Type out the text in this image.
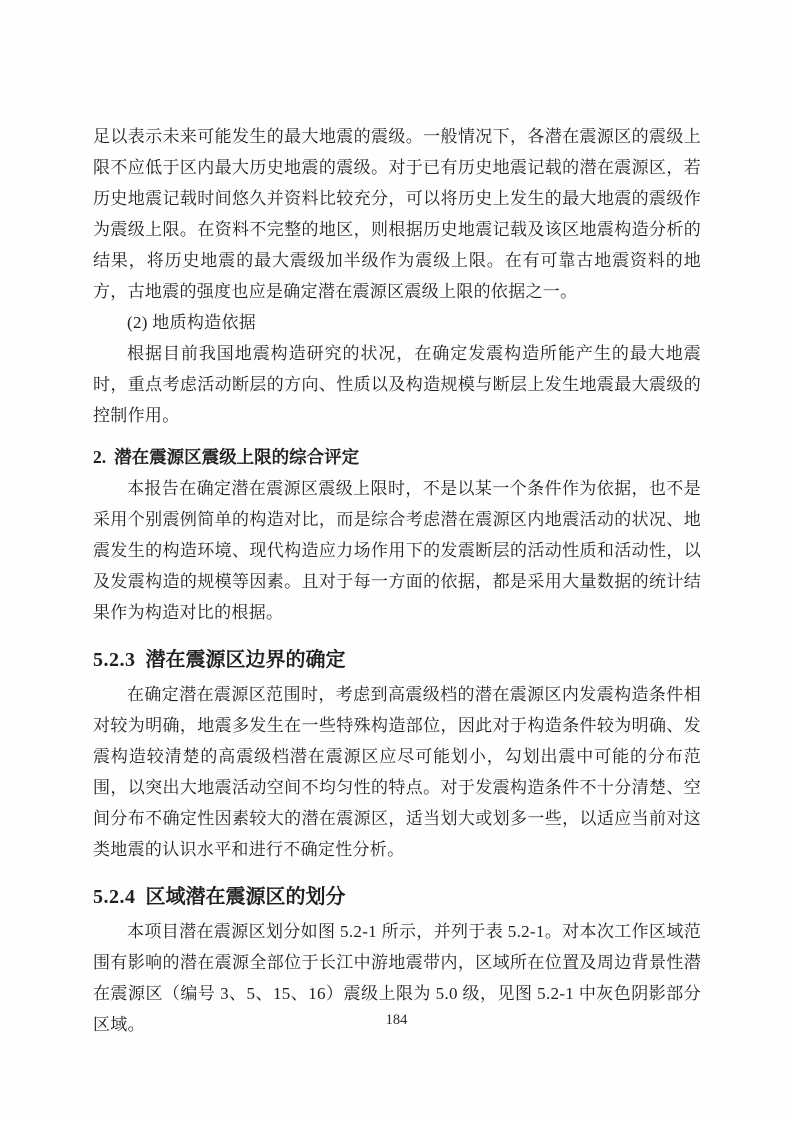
足以表示未来可能发生的最大地震的震级。一般情况下，各潜在震源区的震级上限不应低于区内最大历史地震的震级。对于已有历史地震记载的潜在震源区，若历史地震记载时间悠久并资料比较充分，可以将历史上发生的最大地震的震级作为震级上限。在资料不完整的地区，则根据历史地震记载及该区地震构造分析的结果，将历史地震的最大震级加半级作为震级上限。在有可靠古地震资料的地方，古地震的强度也应是确定潜在震源区震级上限的依据之一。

(2) 地质构造依据

根据目前我国地震构造研究的状况，在确定发震构造所能产生的最大地震时，重点考虑活动断层的方向、性质以及构造规模与断层上发生地震最大震级的控制作用。

2. 潜在震源区震级上限的综合评定

本报告在确定潜在震源区震级上限时，不是以某一个条件作为依据，也不是采用个别震例简单的构造对比，而是综合考虑潜在震源区内地震活动的状况、地震发生的构造环境、现代构造应力场作用下的发震断层的活动性质和活动性，以及发震构造的规模等因素。且对于每一方面的依据，都是采用大量数据的统计结果作为构造对比的根据。

5.2.3 潜在震源区边界的确定

在确定潜在震源区范围时，考虑到高震级档的潜在震源区内发震构造条件相对较为明确，地震多发生在一些特殊构造部位，因此对于构造条件较为明确、发震构造较清楚的高震级档潜在震源区应尽可能划小，勾划出震中可能的分布范围，以突出大地震活动空间不均匀性的特点。对于发震构造条件不十分清楚、空间分布不确定性因素较大的潜在震源区，适当划大或划多一些，以适应当前对这类地震的认识水平和进行不确定性分析。

5.2.4 区域潜在震源区的划分

本项目潜在震源区划分如图 5.2-1 所示，并列于表 5.2-1。对本次工作区域范围有影响的潜在震源全部位于长江中游地震带内，区域所在位置及周边背景性潜在震源区（编号 3、5、15、16）震级上限为 5.0 级，见图 5.2-1 中灰色阴影部分区域。	184
